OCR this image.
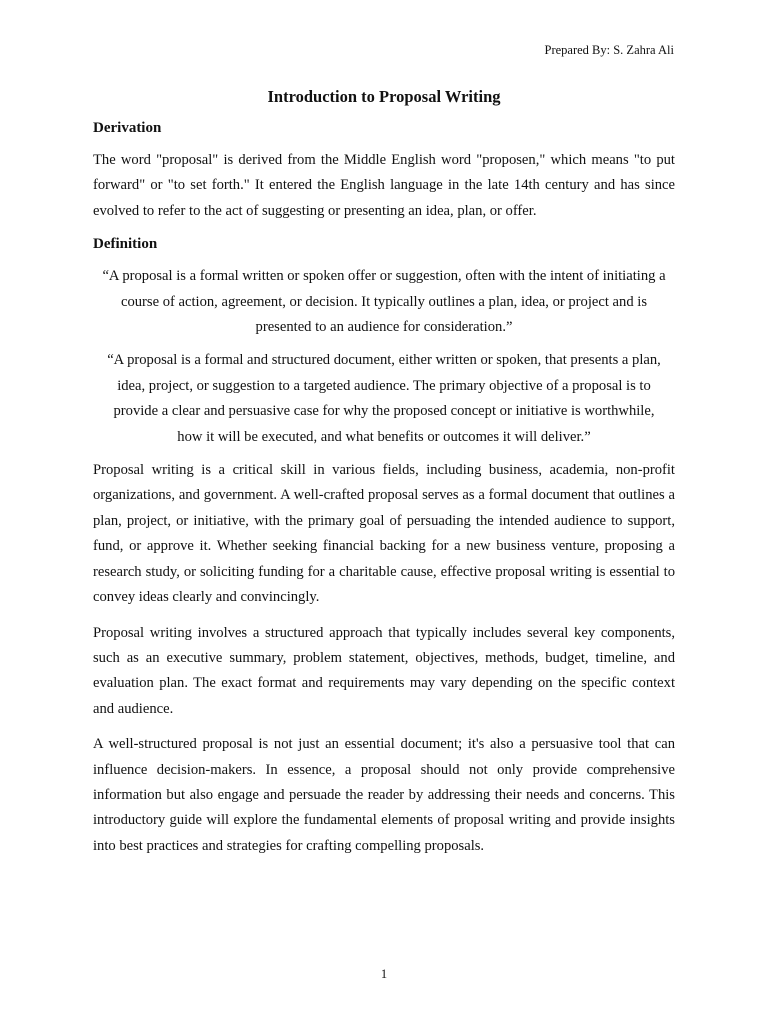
Prepared By: S. Zahra Ali
Introduction to Proposal Writing
Derivation

The word "proposal" is derived from the Middle English word "proposen," which means "to put forward" or "to set forth." It entered the English language in the late 14th century and has since evolved to refer to the act of suggesting or presenting an idea, plan, or offer.

Definition

“A proposal is a formal written or spoken offer or suggestion, often with the intent of initiating a course of action, agreement, or decision. It typically outlines a plan, idea, or project and is presented to an audience for consideration.”

“A proposal is a formal and structured document, either written or spoken, that presents a plan, idea, project, or suggestion to a targeted audience. The primary objective of a proposal is to provide a clear and persuasive case for why the proposed concept or initiative is worthwhile, how it will be executed, and what benefits or outcomes it will deliver.”

Proposal writing is a critical skill in various fields, including business, academia, non-profit organizations, and government. A well-crafted proposal serves as a formal document that outlines a plan, project, or initiative, with the primary goal of persuading the intended audience to support, fund, or approve it. Whether seeking financial backing for a new business venture, proposing a research study, or soliciting funding for a charitable cause, effective proposal writing is essential to convey ideas clearly and convincingly.

Proposal writing involves a structured approach that typically includes several key components, such as an executive summary, problem statement, objectives, methods, budget, timeline, and evaluation plan. The exact format and requirements may vary depending on the specific context and audience.

A well-structured proposal is not just an essential document; it's also a persuasive tool that can influence decision-makers. In essence, a proposal should not only provide comprehensive information but also engage and persuade the reader by addressing their needs and concerns. This introductory guide will explore the fundamental elements of proposal writing and provide insights into best practices and strategies for crafting compelling proposals.

1
